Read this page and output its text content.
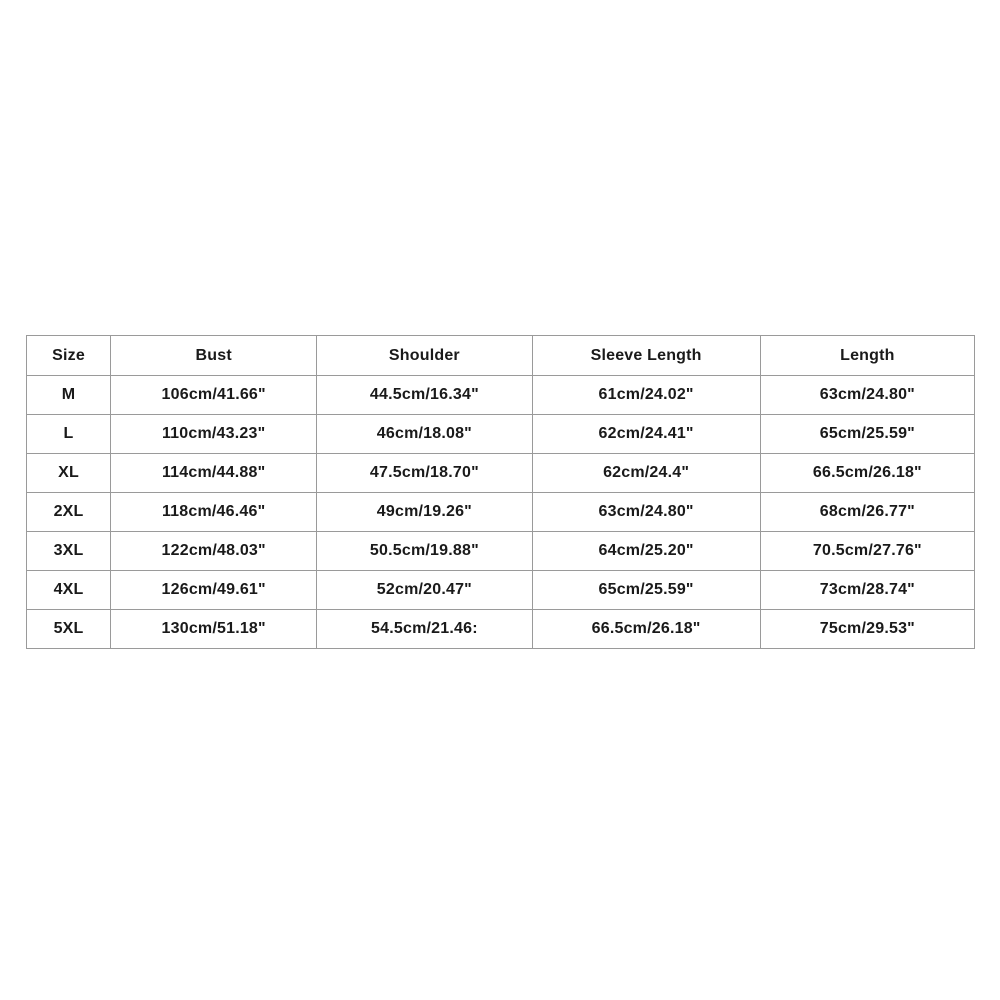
Size	Bust	Shoulder	Sleeve Length	Length
M	106cm/41.66"	44.5cm/16.34"	61cm/24.02"	63cm/24.80"
L	110cm/43.23"	46cm/18.08"	62cm/24.41"	65cm/25.59"
XL	114cm/44.88"	47.5cm/18.70"	62cm/24.4"	66.5cm/26.18"
2XL	118cm/46.46"	49cm/19.26"	63cm/24.80"	68cm/26.77"
3XL	122cm/48.03"	50.5cm/19.88"	64cm/25.20"	70.5cm/27.76"
4XL	126cm/49.61"	52cm/20.47"	65cm/25.59"	73cm/28.74"
5XL	130cm/51.18"	54.5cm/21.46:	66.5cm/26.18"	75cm/29.53"
